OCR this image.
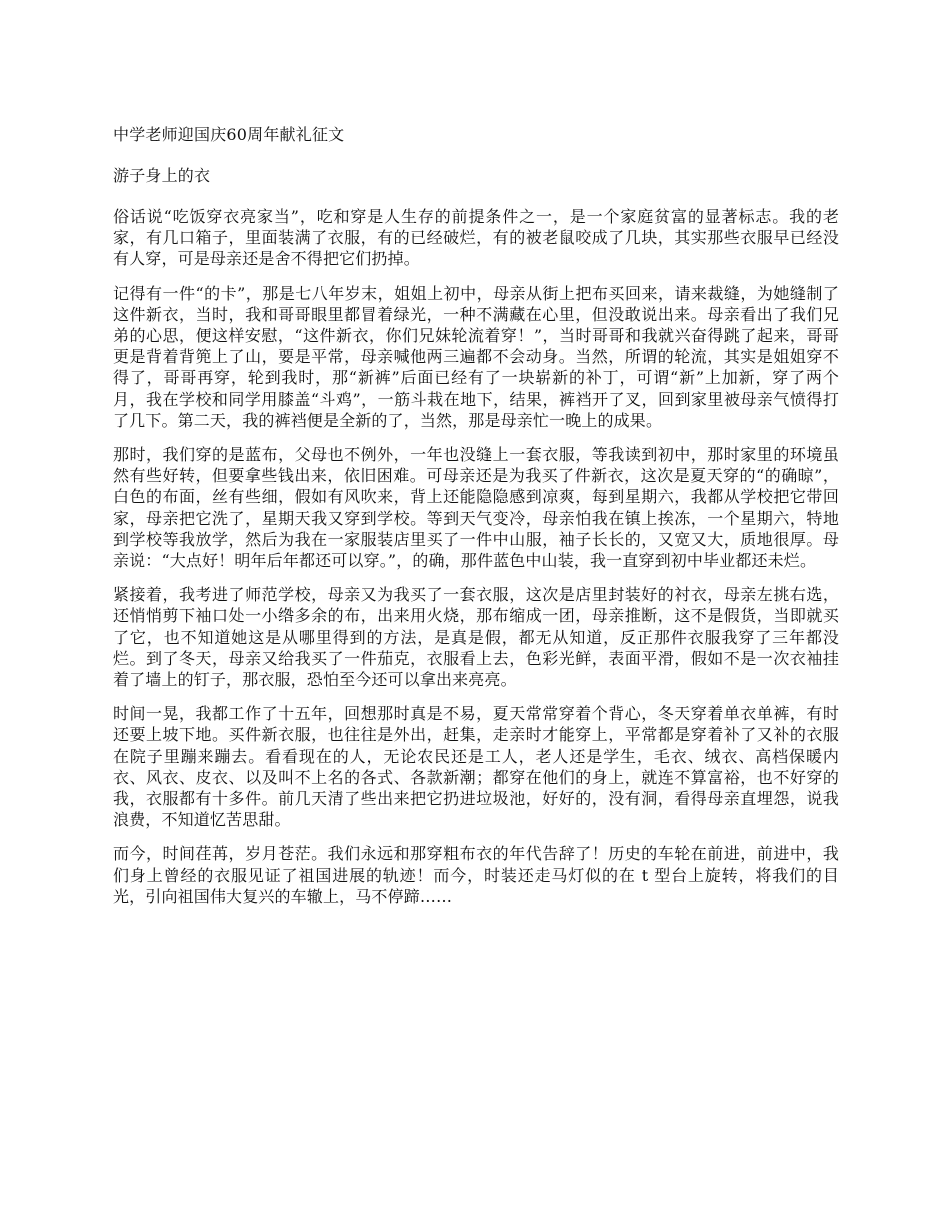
中学老师迎国庆60周年献礼征文
游子身上的衣

俗话说“吃饭穿衣亮家当”，吃和穿是人生存的前提条件之一，是一个家庭贫富的显著标志。我的老家，有几口箱子，里面装满了衣服，有的已经破烂，有的被老鼠咬成了几块，其实那些衣服早已经没有人穿，可是母亲还是舍不得把它们扔掉。

记得有一件“的卡”，那是七八年岁末，姐姐上初中，母亲从街上把布买回来，请来裁缝，为她缝制了这件新衣，当时，我和哥哥眼里都冒着绿光，一种不满藏在心里，但没敢说出来。母亲看出了我们兄弟的心思，便这样安慰，“这件新衣，你们兄妹轮流着穿！”，当时哥哥和我就兴奋得跳了起来，哥哥更是背着背篼上了山，要是平常，母亲喊他两三遍都不会动身。当然，所谓的轮流，其实是姐姐穿不得了，哥哥再穿，轮到我时，那“新裤”后面已经有了一块崭新的补丁，可谓“新”上加新，穿了两个月，我在学校和同学用膝盖“斗鸡”，一筋斗栽在地下，结果，裤裆开了叉，回到家里被母亲气愤得打了几下。第二天，我的裤裆便是全新的了，当然，那是母亲忙一晚上的成果。

那时，我们穿的是蓝布，父母也不例外，一年也没缝上一套衣服，等我读到初中，那时家里的环境虽然有些好转，但要拿些钱出来，依旧困难。可母亲还是为我买了件新衣，这次是夏天穿的“的确晾”，白色的布面，丝有些细，假如有风吹来，背上还能隐隐感到凉爽，每到星期六，我都从学校把它带回家，母亲把它洗了，星期天我又穿到学校。等到天气变冷，母亲怕我在镇上挨冻，一个星期六，特地到学校等我放学，然后为我在一家服装店里买了一件中山服，袖子长长的，又宽又大，质地很厚。母亲说：“大点好！明年后年都还可以穿。”，的确，那件蓝色中山装，我一直穿到初中毕业都还未烂。

紧接着，我考进了师范学校，母亲又为我买了一套衣服，这次是店里封装好的衬衣，母亲左挑右选，还悄悄剪下袖口处一小绺多余的布，出来用火烧，那布缩成一团，母亲推断，这不是假货，当即就买了它，也不知道她这是从哪里得到的方法，是真是假，都无从知道，反正那件衣服我穿了三年都没烂。到了冬天，母亲又给我买了一件茄克，衣服看上去，色彩光鲜，表面平滑，假如不是一次衣袖挂着了墙上的钉子，那衣服，恐怕至今还可以拿出来亮亮。

时间一晃，我都工作了十五年，回想那时真是不易，夏天常常穿着个背心，冬天穿着单衣单裤，有时还要上坡下地。买件新衣服，也往往是外出，赶集，走亲时才能穿上，平常都是穿着补了又补的衣服在院子里蹦来蹦去。看看现在的人，无论农民还是工人，老人还是学生，毛衣、绒衣、高档保暖内衣、风衣、皮衣、以及叫不上名的各式、各款新潮；都穿在他们的身上，就连不算富裕，也不好穿的我，衣服都有十多件。前几天清了些出来把它扔进垃圾池，好好的，没有洞，看得母亲直埋怨，说我浪费，不知道忆苦思甜。

而今，时间荏苒，岁月苍茫。我们永远和那穿粗布衣的年代告辞了！历史的车轮在前进，前进中，我们身上曾经的衣服见证了祖国进展的轨迹！而今，时装还走马灯似的在 t 型台上旋转，将我们的目光，引向祖国伟大复兴的车辙上，马不停蹄……
